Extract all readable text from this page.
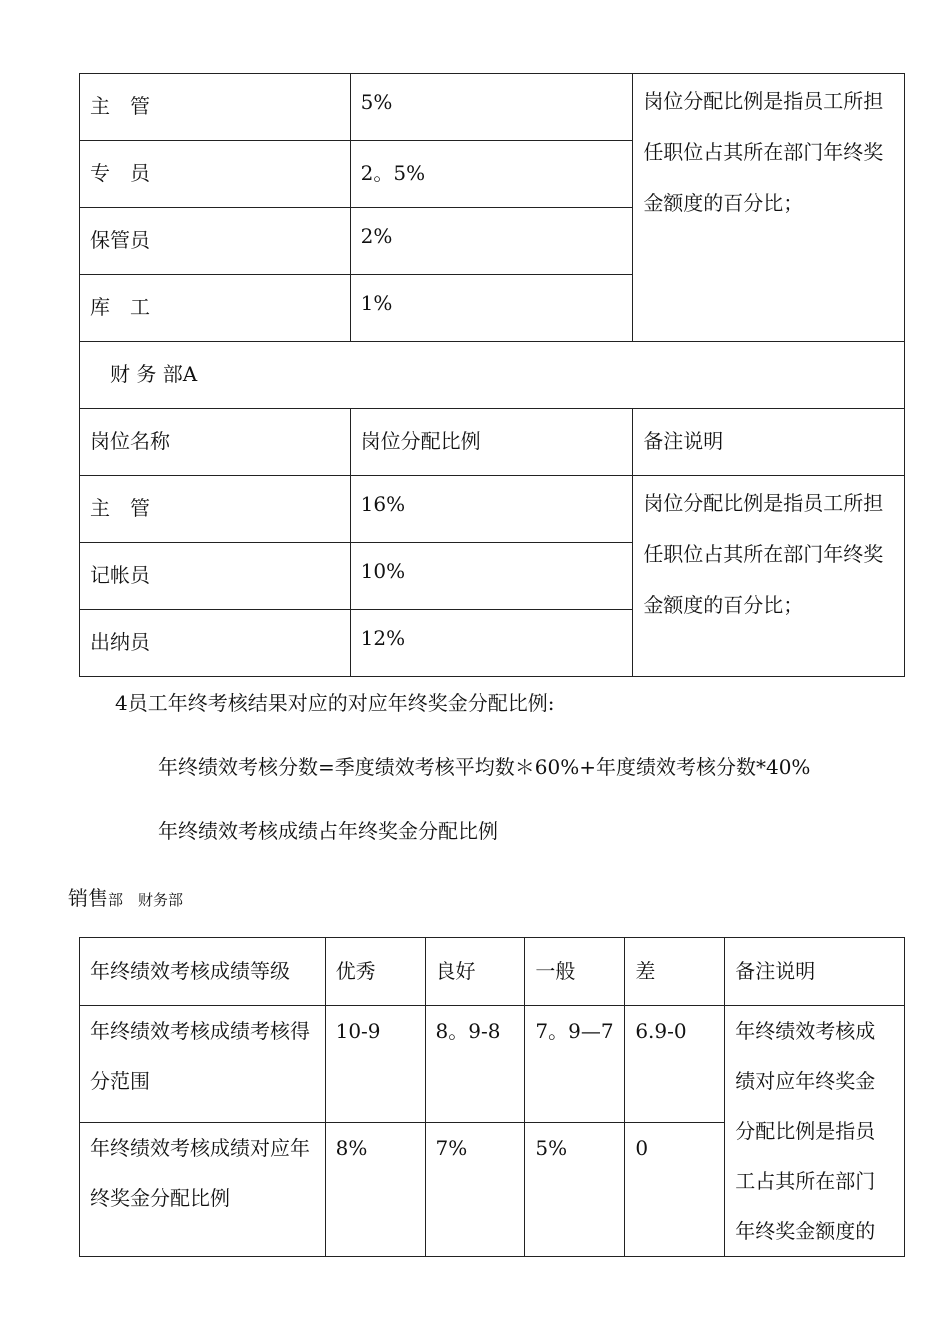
主　管	5%	岗位分配比例是指员工所担任职位占其所在部门年终奖金额度的百分比；

专　员	2。5%	

保管员	2%	

库　工	1%	

财 务 部A		

岗位名称	岗位分配比例	备注说明

主　管	16%	岗位分配比例是指员工所担任职位占其所在部门年终奖金额度的百分比；

记帐员	10%	

出纳员	12%	
4员工年终考核结果对应的对应年终奖金分配比例:
年终绩效考核分数=季度绩效考核平均数＊60%+年度绩效考核分数*40%
年终绩效考核成绩占年终奖金分配比例
销售部　财务部
年终绩效考核成绩等级	优秀	良好	一般	差	备注说明

年终绩效考核成绩考核得分范围	10-9	8。9-8	7。9—7	6.9-0	年终绩效考核成绩对应年终奖金分配比例是指员工占其所在部门年终奖金额度的

年终绩效考核成绩对应年终奖金分配比例	8%	7%	5%	0	
